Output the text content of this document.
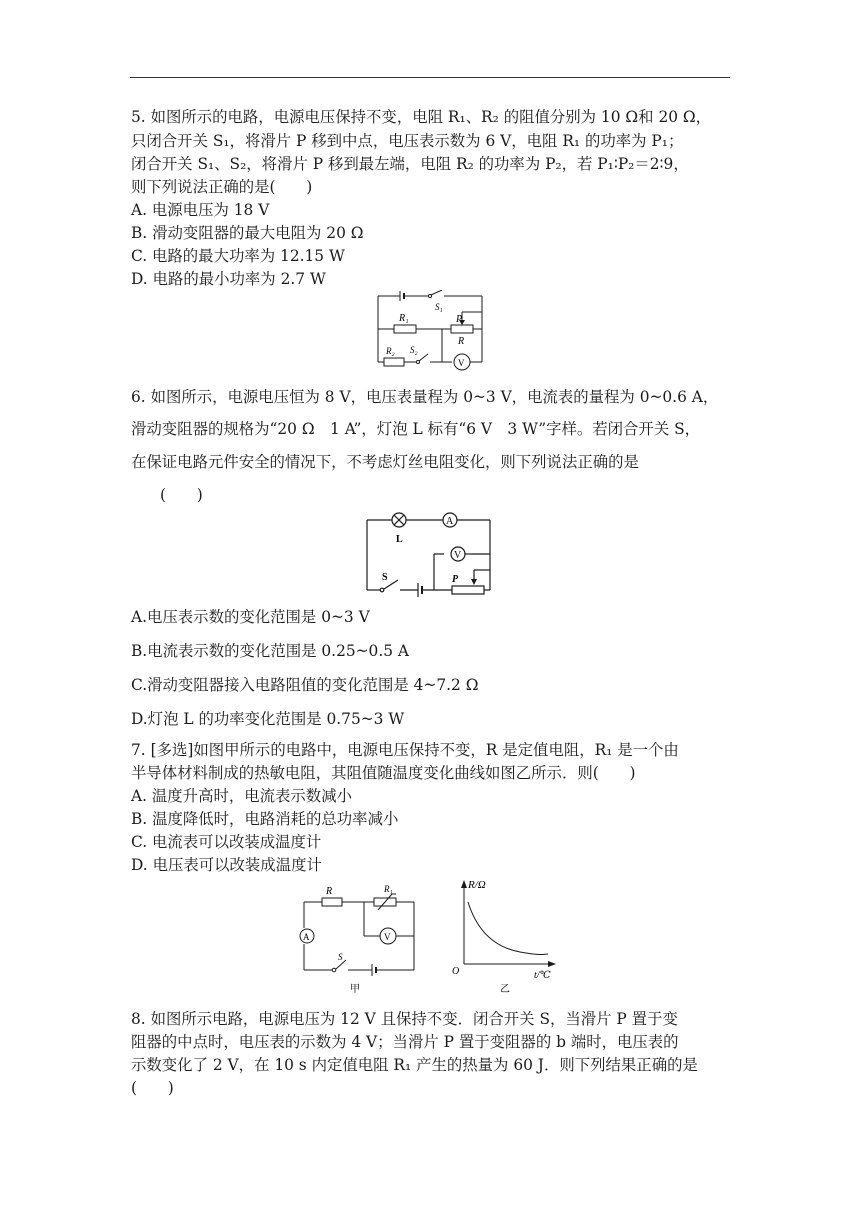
5. 如图所示的电路，电源电压保持不变，电阻 R₁、R₂ 的阻值分别为 10 Ω和 20 Ω，
只闭合开关 S₁，将滑片 P 移到中点，电压表示数为 6 V，电阻 R₁ 的功率为 P₁；
闭合开关 S₁、S₂，将滑片 P 移到最左端，电阻 R₂ 的功率为 P₂，若 P₁∶P₂＝2∶9，
则下列说法正确的是(　　)
A. 电源电压为 18 V
B. 滑动变阻器的最大电阻为 20 Ω
C. 电路的最大功率为 12.15 W
D. 电路的最小功率为 2.7 W
S₁
R₁	P
R
R₂ S₂
V
6. 如图所示，电源电压恒为 8 V，电压表量程为 0~3 V，电流表的量程为 0~0.6 A，
滑动变阻器的规格为“20 Ω　1 A”，灯泡 L 标有“6 V　3 W”字样。若闭合开关 S，
在保证电路元件安全的情况下，不考虑灯丝电阻变化，则下列说法正确的是
(　　)
L
A
V
S	P
A.电压表示数的变化范围是 0~3 V
B.电流表示数的变化范围是 0.25~0.5 A
C.滑动变阻器接入电路阻值的变化范围是 4~7.2 Ω
D.灯泡 L 的功率变化范围是 0.75~3 W
7. [多选]如图甲所示的电路中，电源电压保持不变，R 是定值电阻，R₁ 是一个由
半导体材料制成的热敏电阻，其阻值随温度变化曲线如图乙所示．则(　　)
A. 温度升高时，电流表示数减小
B. 温度降低时，电路消耗的总功率减小
C. 电流表可以改装成温度计
D. 电压表可以改装成温度计
R	R₁
A	V
S
甲
R/Ω
O	t/℃
乙
8. 如图所示电路，电源电压为 12 V 且保持不变．闭合开关 S，当滑片 P 置于变
阻器的中点时，电压表的示数为 4 V；当滑片 P 置于变阻器的 b 端时，电压表的
示数变化了 2 V，在 10 s 内定值电阻 R₁ 产生的热量为 60 J．则下列结果正确的是
(　　)
